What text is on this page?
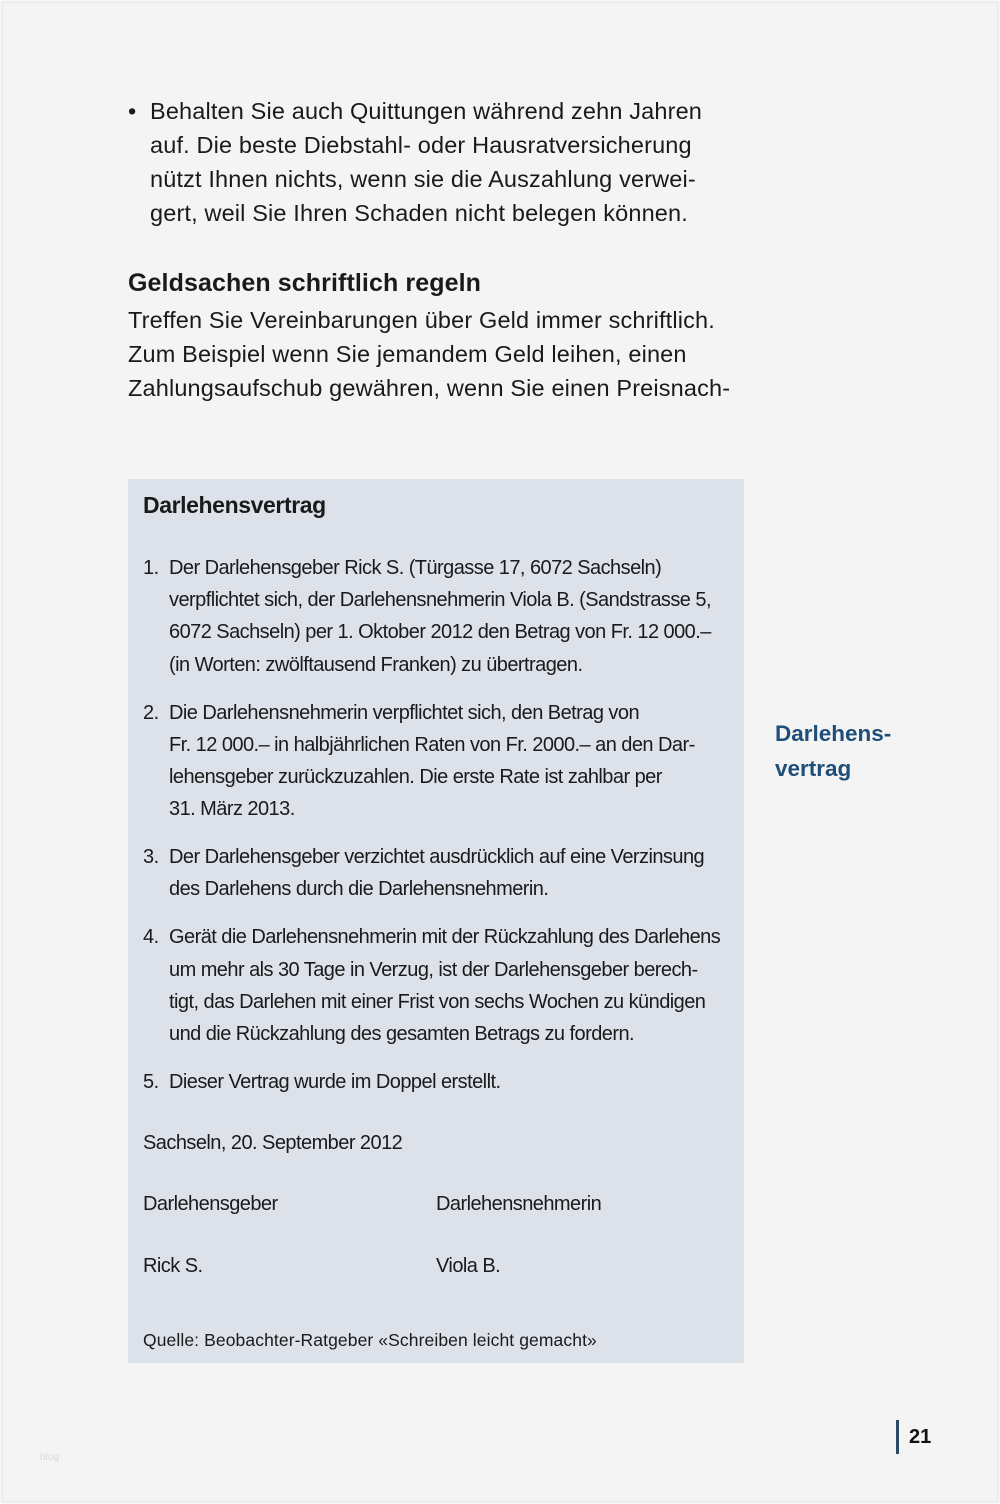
• Behalten Sie auch Quittungen während zehn Jahren
auf. Die beste Diebstahl- oder Hausratversicherung
nützt Ihnen nichts, wenn sie die Auszahlung verwei-
gert, weil Sie Ihren Schaden nicht belegen können.
Geldsachen schriftlich regeln
Treffen Sie Vereinbarungen über Geld immer schriftlich.
Zum Beispiel wenn Sie jemandem Geld leihen, einen
Zahlungsaufschub gewähren, wenn Sie einen Preisnach-
Darlehensvertrag
1. Der Darlehensgeber Rick S. (Türgasse 17, 6072 Sachseln)
verpflichtet sich, der Darlehensnehmerin Viola B. (Sandstrasse 5,
6072 Sachseln) per 1. Oktober 2012 den Betrag von Fr. 12 000.–
(in Worten: zwölftausend Franken) zu übertragen.
2. Die Darlehensnehmerin verpflichtet sich, den Betrag von
Fr. 12 000.– in halbjährlichen Raten von Fr. 2000.– an den Dar-
lehensgeber zurückzuzahlen. Die erste Rate ist zahlbar per
31. März 2013.
3. Der Darlehensgeber verzichtet ausdrücklich auf eine Verzinsung
des Darlehens durch die Darlehensnehmerin.
4. Gerät die Darlehensnehmerin mit der Rückzahlung des Darlehens
um mehr als 30 Tage in Verzug, ist der Darlehensgeber berech-
tigt, das Darlehen mit einer Frist von sechs Wochen zu kündigen
und die Rückzahlung des gesamten Betrags zu fordern.
5. Dieser Vertrag wurde im Doppel erstellt.
Sachseln, 20. September 2012
Darlehensgeber	Darlehensnehmerin
Rick S.	Viola B.
Quelle: Beobachter-Ratgeber «Schreiben leicht gemacht»
Darlehens-
vertrag
21
blog
